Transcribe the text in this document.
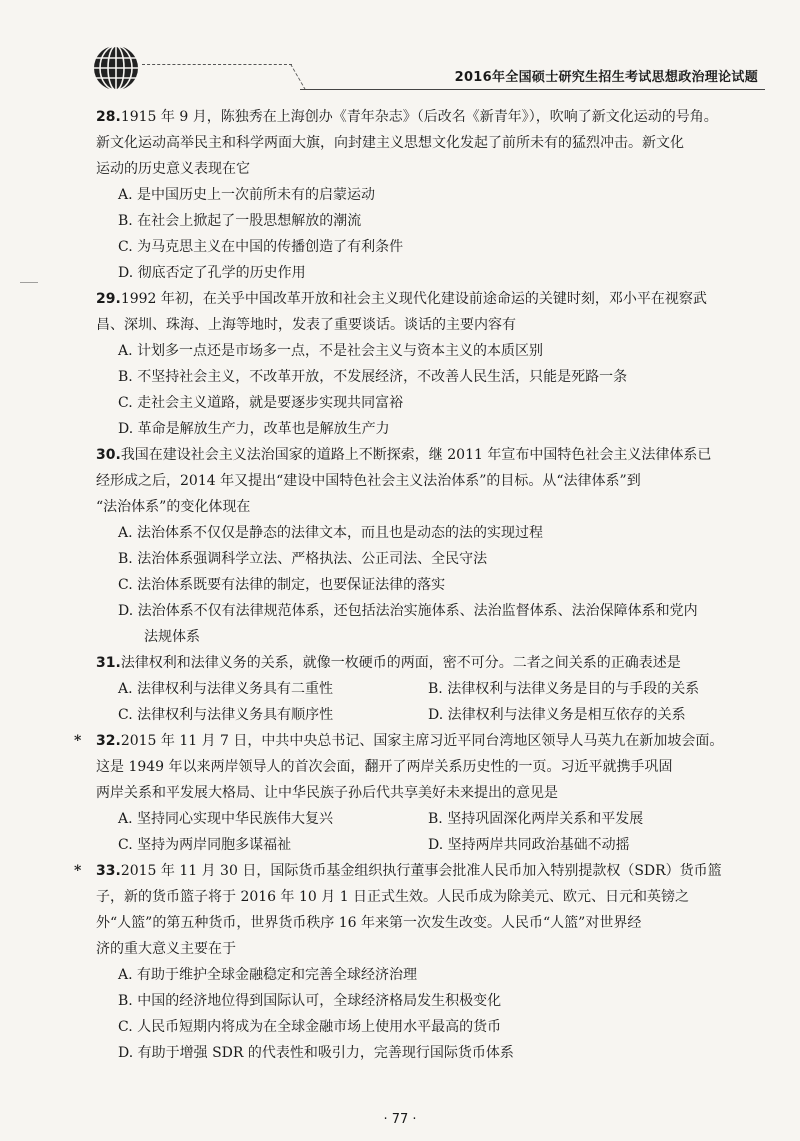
2016年全国硕士研究生招生考试思想政治理论试题
28.1915 年 9 月，陈独秀在上海创办《青年杂志》（后改名《新青年》），吹响了新文化运动的号角。
新文化运动高举民主和科学两面大旗，向封建主义思想文化发起了前所未有的猛烈冲击。新文化
运动的历史意义表现在它
A. 是中国历史上一次前所未有的启蒙运动
B. 在社会上掀起了一股思想解放的潮流
C. 为马克思主义在中国的传播创造了有利条件
D. 彻底否定了孔学的历史作用
29.1992 年初，在关乎中国改革开放和社会主义现代化建设前途命运的关键时刻，邓小平在视察武
昌、深圳、珠海、上海等地时，发表了重要谈话。谈话的主要内容有
A. 计划多一点还是市场多一点，不是社会主义与资本主义的本质区别
B. 不坚持社会主义，不改革开放，不发展经济，不改善人民生活，只能是死路一条
C. 走社会主义道路，就是要逐步实现共同富裕
D. 革命是解放生产力，改革也是解放生产力
30.我国在建设社会主义法治国家的道路上不断探索，继 2011 年宣布中国特色社会主义法律体系已
经形成之后，2014 年又提出“建设中国特色社会主义法治体系”的目标。从“法律体系”到
“法治体系”的变化体现在
A. 法治体系不仅仅是静态的法律文本，而且也是动态的法的实现过程
B. 法治体系强调科学立法、严格执法、公正司法、全民守法
C. 法治体系既要有法律的制定，也要保证法律的落实
D. 法治体系不仅有法律规范体系，还包括法治实施体系、法治监督体系、法治保障体系和党内
法规体系
31.法律权利和法律义务的关系，就像一枚硬币的两面，密不可分。二者之间关系的正确表述是
A. 法律权利与法律义务具有二重性	B. 法律权利与法律义务是目的与手段的关系
C. 法律权利与法律义务具有顺序性	D. 法律权利与法律义务是相互依存的关系
* 32.2015 年 11 月 7 日，中共中央总书记、国家主席习近平同台湾地区领导人马英九在新加坡会面。
这是 1949 年以来两岸领导人的首次会面，翻开了两岸关系历史性的一页。习近平就携手巩固
两岸关系和平发展大格局、让中华民族子孙后代共享美好未来提出的意见是
A. 坚持同心实现中华民族伟大复兴	B. 坚持巩固深化两岸关系和平发展
C. 坚持为两岸同胞多谋福祉	D. 坚持两岸共同政治基础不动摇
* 33.2015 年 11 月 30 日，国际货币基金组织执行董事会批准人民币加入特别提款权（SDR）货币篮
子，新的货币篮子将于 2016 年 10 月 1 日正式生效。人民币成为除美元、欧元、日元和英镑之
外“人篮”的第五种货币，世界货币秩序 16 年来第一次发生改变。人民币“人篮”对世界经
济的重大意义主要在于
A. 有助于维护全球金融稳定和完善全球经济治理
B. 中国的经济地位得到国际认可，全球经济格局发生积极变化
C. 人民币短期内将成为在全球金融市场上使用水平最高的货币
D. 有助于增强 SDR 的代表性和吸引力，完善现行国际货币体系
· 77 ·
